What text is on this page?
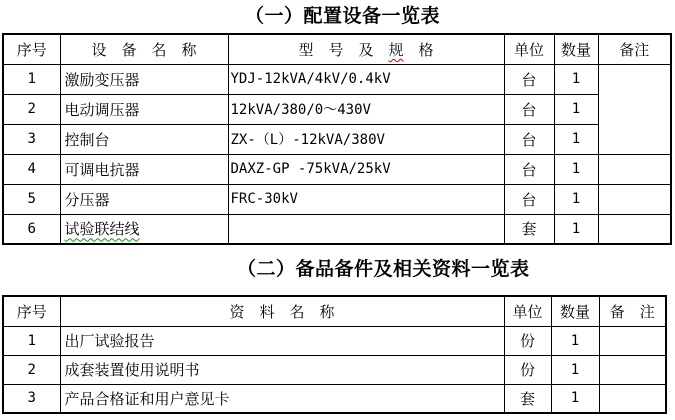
（一）配置设备一览表
序号	设　备　名　称	型　号　及　规　格	单位	数量	备注
1	激励变压器	YDJ-12kVA/4kV/0.4kV	台	1	
2	电动调压器	12kVA/380/0～430V	台	1	
3	控制台	ZX-（L）-12kVA/380V	台	1	
4	可调电抗器	DAXZ-GP -75kVA/25kV	台	1	
5	分压器	FRC-30kV	台	1	
6	试验联结线		套	1	
（二）备品备件及相关资料一览表
序号	资　料　名　称	单位	数量	备　注
1	出厂试验报告	份	1	
2	成套装置使用说明书	份	1	
3	产品合格证和用户意见卡	套	1	
